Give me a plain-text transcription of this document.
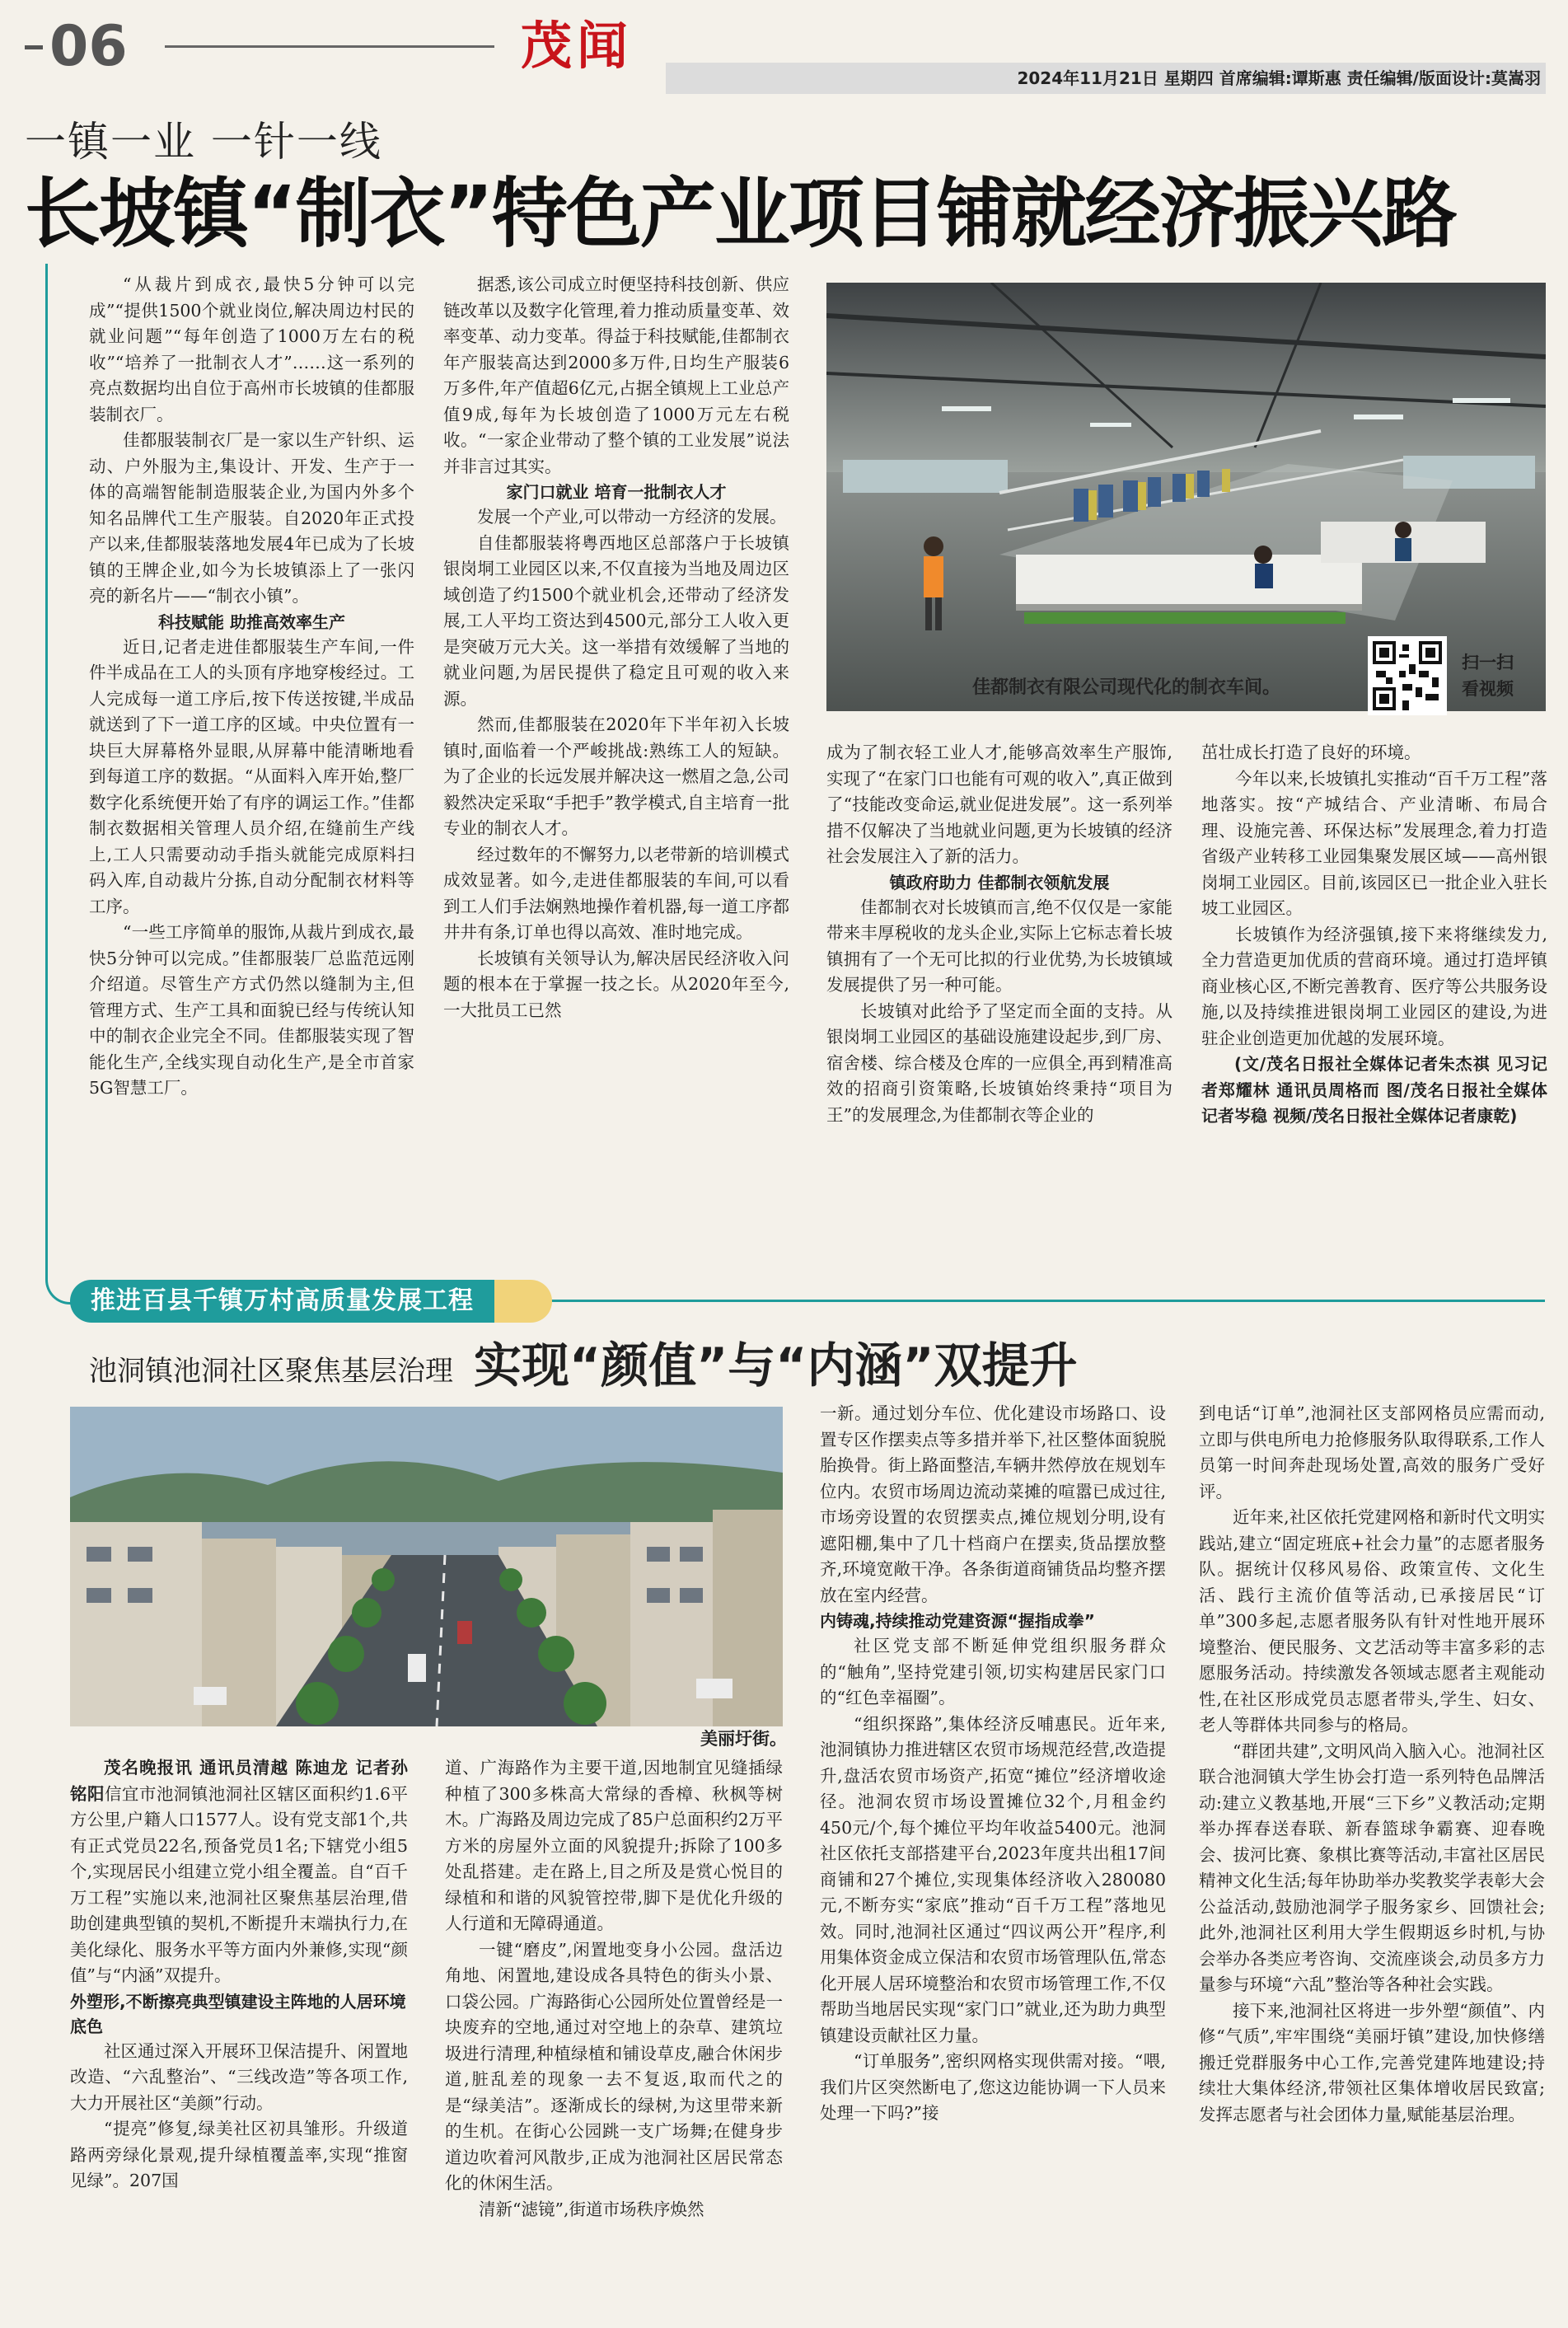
06	茂闻
2024年11月21日 星期四 首席编辑:谭斯惠 责任编辑/版面设计:莫嵩羽
一镇一业 一针一线
长坡镇“制衣”特色产业项目铺就经济振兴路

“从裁片到成衣,最快5分钟可以完成”“提供1500个就业岗位,解决周边村民的就业问题”“每年创造了1000万左右的税收”“培养了一批制衣人才”……这一系列的亮点数据均出自位于高州市长坡镇的佳都服装制衣厂。

佳都服装制衣厂是一家以生产针织、运动、户外服为主,集设计、开发、生产于一体的高端智能制造服装企业,为国内外多个知名品牌代工生产服装。自2020年正式投产以来,佳都服装落地发展4年已成为了长坡镇的王牌企业,如今为长坡镇添上了一张闪亮的新名片——“制衣小镇”。

科技赋能 助推高效率生产

近日,记者走进佳都服装生产车间,一件件半成品在工人的头顶有序地穿梭经过。工人完成每一道工序后,按下传送按键,半成品就送到了下一道工序的区域。中央位置有一块巨大屏幕格外显眼,从屏幕中能清晰地看到每道工序的数据。“从面料入库开始,整厂数字化系统便开始了有序的调运工作。”佳都制衣数据相关管理人员介绍,在缝前生产线上,工人只需要动动手指头就能完成原料扫码入库,自动裁片分拣,自动分配制衣材料等工序。

“一些工序简单的服饰,从裁片到成衣,最快5分钟可以完成。”佳都服装厂总监范远刚介绍道。尽管生产方式仍然以缝制为主,但管理方式、生产工具和面貌已经与传统认知中的制衣企业完全不同。佳都服装实现了智能化生产,全线实现自动化生产,是全市首家5G智慧工厂。

据悉,该公司成立时便坚持科技创新、供应链改革以及数字化管理,着力推动质量变革、效率变革、动力变革。得益于科技赋能,佳都制衣年产服装高达到2000多万件,日均生产服装6万多件,年产值超6亿元,占据全镇规上工业总产值9成,每年为长坡创造了1000万元左右税收。“一家企业带动了整个镇的工业发展”说法并非言过其实。

家门口就业 培育一批制衣人才

发展一个产业,可以带动一方经济的发展。

自佳都服装将粤西地区总部落户于长坡镇银岗垌工业园区以来,不仅直接为当地及周边区域创造了约1500个就业机会,还带动了经济发展,工人平均工资达到4500元,部分工人收入更是突破万元大关。这一举措有效缓解了当地的就业问题,为居民提供了稳定且可观的收入来源。

然而,佳都服装在2020年下半年初入长坡镇时,面临着一个严峻挑战:熟练工人的短缺。为了企业的长远发展并解决这一燃眉之急,公司毅然决定采取“手把手”教学模式,自主培育一批专业的制衣人才。

经过数年的不懈努力,以老带新的培训模式成效显著。如今,走进佳都服装的车间,可以看到工人们手法娴熟地操作着机器,每一道工序都井井有条,订单也得以高效、准时地完成。

长坡镇有关领导认为,解决居民经济收入问题的根本在于掌握一技之长。从2020年至今,一大批员工已然

佳都制衣有限公司现代化的制衣车间。
扫一扫
看视频

成为了制衣轻工业人才,能够高效率生产服饰,实现了“在家门口也能有可观的收入”,真正做到了“技能改变命运,就业促进发展”。这一系列举措不仅解决了当地就业问题,更为长坡镇的经济社会发展注入了新的活力。

镇政府助力 佳都制衣领航发展

佳都制衣对长坡镇而言,绝不仅仅是一家能带来丰厚税收的龙头企业,实际上它标志着长坡镇拥有了一个无可比拟的行业优势,为长坡镇域发展提供了另一种可能。

长坡镇对此给予了坚定而全面的支持。从银岗垌工业园区的基础设施建设起步,到厂房、宿舍楼、综合楼及仓库的一应俱全,再到精准高效的招商引资策略,长坡镇始终秉持“项目为王”的发展理念,为佳都制衣等企业的

茁壮成长打造了良好的环境。

今年以来,长坡镇扎实推动“百千万工程”落地落实。按“产城结合、产业清晰、布局合理、设施完善、环保达标”发展理念,着力打造省级产业转移工业园集聚发展区域——高州银岗垌工业园区。目前,该园区已一批企业入驻长坡工业园区。

长坡镇作为经济强镇,接下来将继续发力,全力营造更加优质的营商环境。通过打造坪镇商业核心区,不断完善教育、医疗等公共服务设施,以及持续推进银岗垌工业园区的建设,为进驻企业创造更加优越的发展环境。

(文/茂名日报社全媒体记者朱杰祺 见习记者郑耀林 通讯员周格而 图/茂名日报社全媒体记者岑稳 视频/茂名日报社全媒体记者康乾)

推进百县千镇万村高质量发展工程
池洞镇池洞社区聚焦基层治理 实现“颜值”与“内涵”双提升
美丽圩街。

茂名晚报讯 通讯员清越 陈迪龙 记者孙铭阳信宜市池洞镇池洞社区辖区面积约1.6平方公里,户籍人口1577人。设有党支部1个,共有正式党员22名,预备党员1名;下辖党小组5个,实现居民小组建立党小组全覆盖。自“百千万工程”实施以来,池洞社区聚焦基层治理,借助创建典型镇的契机,不断提升末端执行力,在美化绿化、服务水平等方面内外兼修,实现“颜值”与“内涵”双提升。

外塑形,不断擦亮典型镇建设主阵地的人居环境底色

社区通过深入开展环卫保洁提升、闲置地改造、“六乱整治”、“三线改造”等各项工作,大力开展社区“美颜”行动。

“提亮”修复,绿美社区初具雏形。升级道路两旁绿化景观,提升绿植覆盖率,实现“推窗见绿”。207国

道、广海路作为主要干道,因地制宜见缝插绿种植了300多株高大常绿的香樟、秋枫等树木。广海路及周边完成了85户总面积约2万平方米的房屋外立面的风貌提升;拆除了100多处乱搭建。走在路上,目之所及是赏心悦目的绿植和和谐的风貌管控带,脚下是优化升级的人行道和无障碍通道。

一键“磨皮”,闲置地变身小公园。盘活边角地、闲置地,建设成各具特色的街头小景、口袋公园。广海路街心公园所处位置曾经是一块废弃的空地,通过对空地上的杂草、建筑垃圾进行清理,种植绿植和铺设草皮,融合休闲步道,脏乱差的现象一去不复返,取而代之的是“绿美洁”。逐渐成长的绿树,为这里带来新的生机。在街心公园跳一支广场舞;在健身步道边吹着河风散步,正成为池洞社区居民常态化的休闲生活。

清新“滤镜”,街道市场秩序焕然

一新。通过划分车位、优化建设市场路口、设置专区作摆卖点等多措并举下,社区整体面貌脱胎换骨。街上路面整洁,车辆井然停放在规划车位内。农贸市场周边流动菜摊的喧嚣已成过往,市场旁设置的农贸摆卖点,摊位规划分明,设有遮阳棚,集中了几十档商户在摆卖,货品摆放整齐,环境宽敞干净。各条街道商铺货品均整齐摆放在室内经营。

内铸魂,持续推动党建资源“握指成拳”

社区党支部不断延伸党组织服务群众的“触角”,坚持党建引领,切实构建居民家门口的“红色幸福圈”。

“组织探路”,集体经济反哺惠民。近年来,池洞镇协力推进辖区农贸市场规范经营,改造提升,盘活农贸市场资产,拓宽“摊位”经济增收途径。池洞农贸市场设置摊位32个,月租金约450元/个,每个摊位平均年收益5400元。池洞社区依托支部搭建平台,2023年度共出租17间商铺和27个摊位,实现集体经济收入280080元,不断夯实“家底”推动“百千万工程”落地见效。同时,池洞社区通过“四议两公开”程序,利用集体资金成立保洁和农贸市场管理队伍,常态化开展人居环境整治和农贸市场管理工作,不仅帮助当地居民实现“家门口”就业,还为助力典型镇建设贡献社区力量。

“订单服务”,密织网格实现供需对接。“喂,我们片区突然断电了,您这边能协调一下人员来处理一下吗?”接

到电话“订单”,池洞社区支部网格员应需而动,立即与供电所电力抢修服务队取得联系,工作人员第一时间奔赴现场处置,高效的服务广受好评。

近年来,社区依托党建网格和新时代文明实践站,建立“固定班底+社会力量”的志愿者服务队。据统计仅移风易俗、政策宣传、文化生活、践行主流价值等活动,已承接居民“订单”300多起,志愿者服务队有针对性地开展环境整治、便民服务、文艺活动等丰富多彩的志愿服务活动。持续激发各领域志愿者主观能动性,在社区形成党员志愿者带头,学生、妇女、老人等群体共同参与的格局。

“群团共建”,文明风尚入脑入心。池洞社区联合池洞镇大学生协会打造一系列特色品牌活动:建立义教基地,开展“三下乡”义教活动;定期举办挥春送春联、新春篮球争霸赛、迎春晚会、拔河比赛、象棋比赛等活动,丰富社区居民精神文化生活;每年协助举办奖教奖学表彰大会公益活动,鼓励池洞学子服务家乡、回馈社会;此外,池洞社区利用大学生假期返乡时机,与协会举办各类应考咨询、交流座谈会,动员多方力量参与环境“六乱”整治等各种社会实践。

接下来,池洞社区将进一步外塑“颜值”、内修“气质”,牢牢围绕“美丽圩镇”建设,加快修缮搬迁党群服务中心工作,完善党建阵地建设;持续壮大集体经济,带领社区集体增收居民致富;发挥志愿者与社会团体力量,赋能基层治理。
